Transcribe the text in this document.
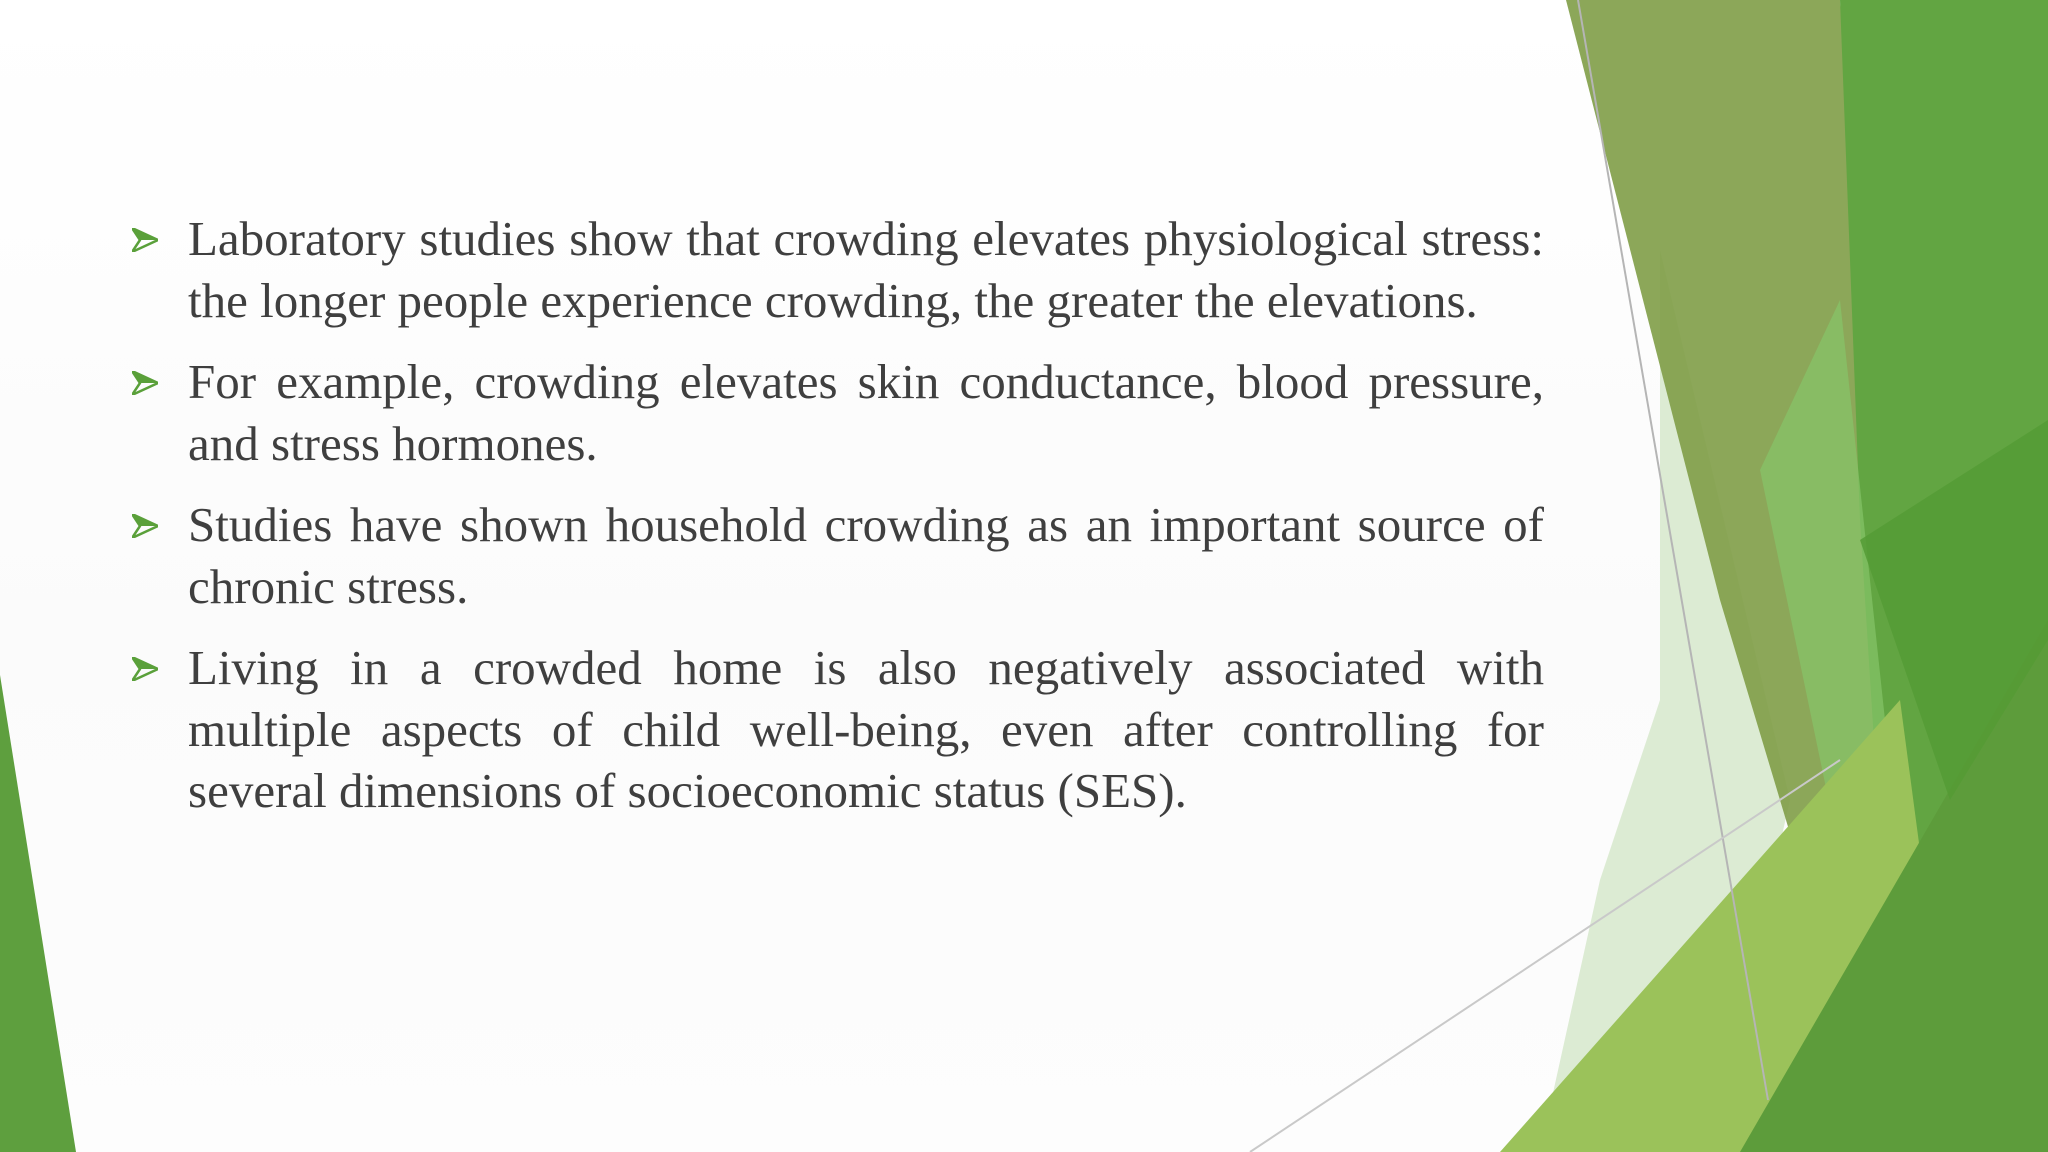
Laboratory studies show that crowding elevates physiological stress: the longer people experience crowding, the greater the elevations.
For example, crowding elevates skin conductance, blood pressure, and stress hormones.
Studies have shown household crowding as an important source of chronic stress.
Living in a crowded home is also negatively associated with multiple aspects of child well-being, even after controlling for several dimensions of socioeconomic status (SES).
